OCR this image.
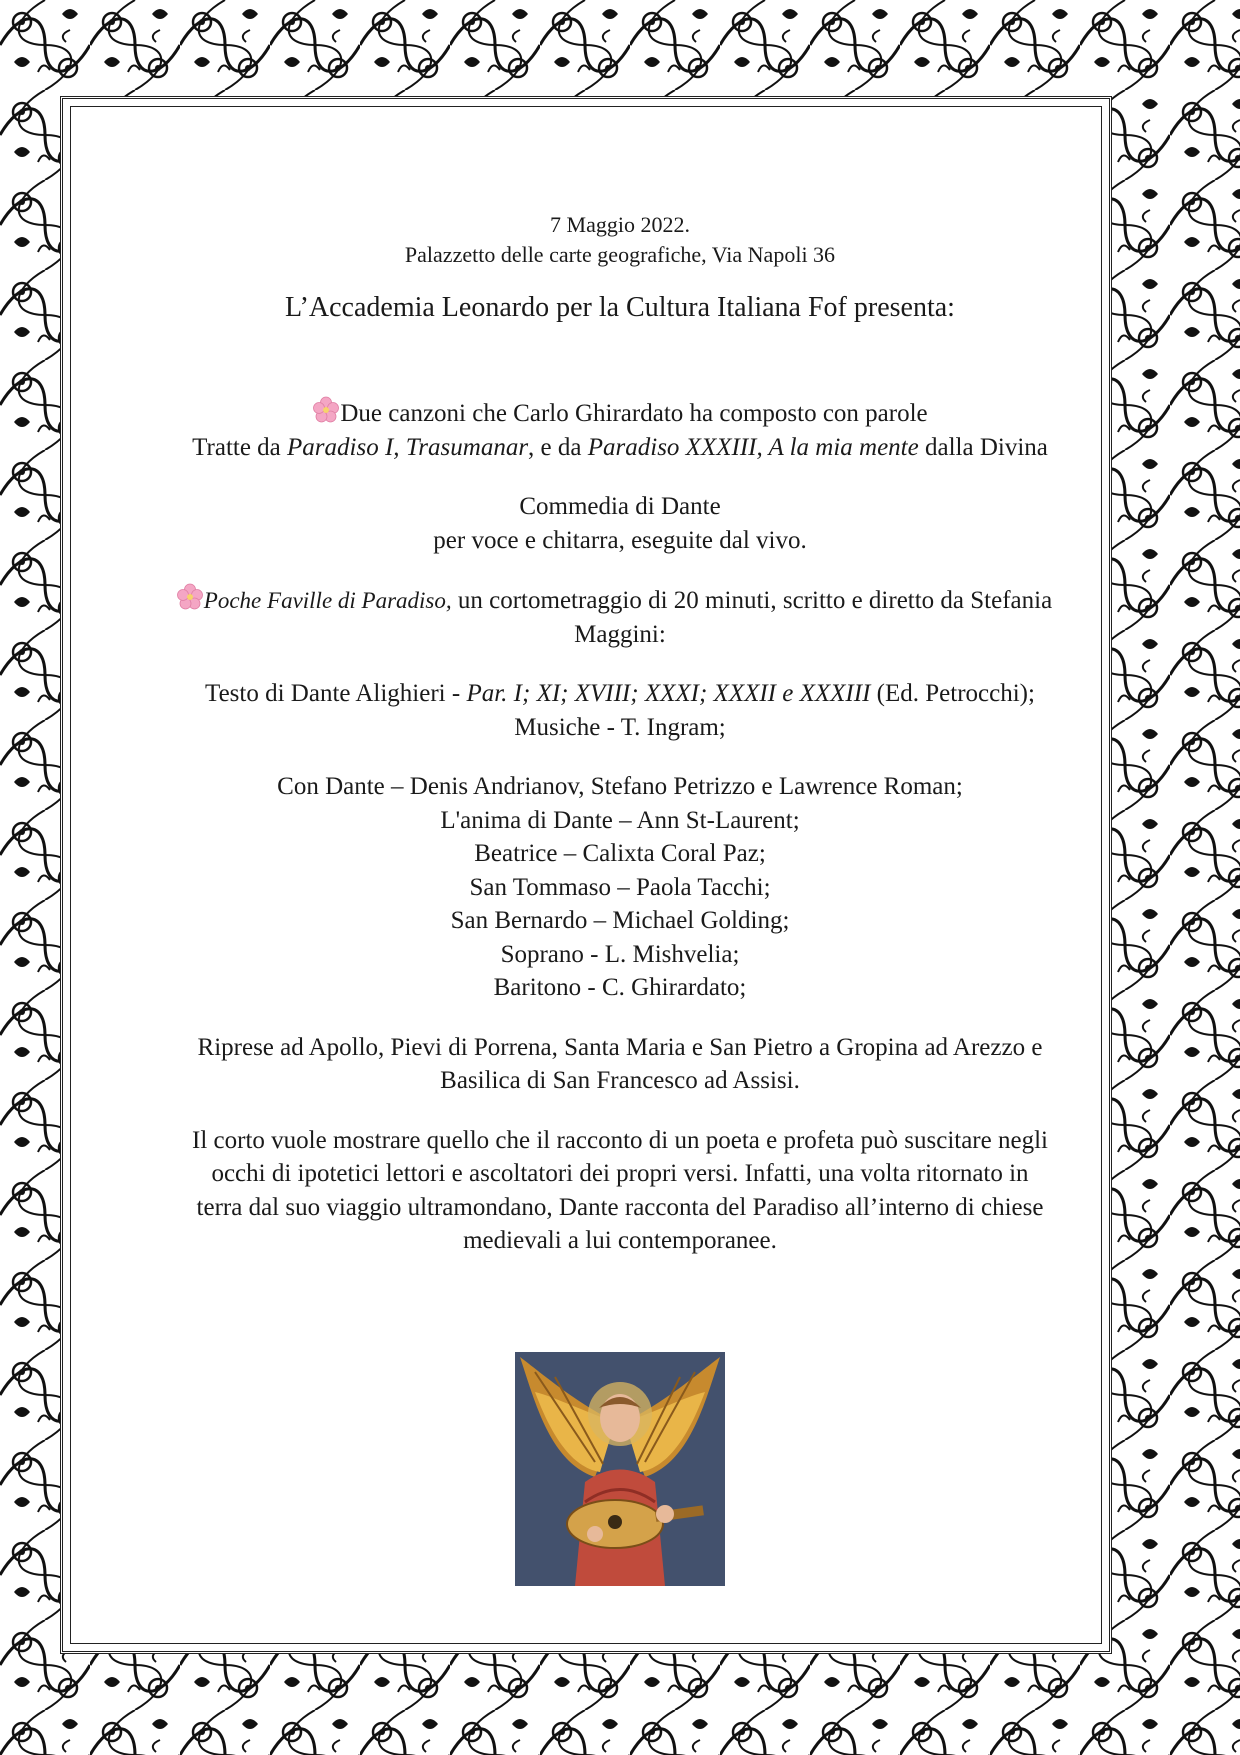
7 Maggio 2022.
Palazzetto delle carte geografiche, Via Napoli 36
L’Accademia Leonardo per la Cultura Italiana Fof presenta:
Due canzoni che Carlo Ghirardato ha composto con parole
Tratte da Paradiso I, Trasumanar, e da Paradiso XXXIII, A la mia mente dalla Divina
Commedia di Dante
per voce e chitarra, eseguite dal vivo.
Poche Faville di Paradiso, un cortometraggio di 20 minuti, scritto e diretto da Stefania
Maggini:
Testo di Dante Alighieri - Par. I; XI; XVIII; XXXI; XXXII e XXXIII (Ed. Petrocchi);
Musiche - T. Ingram;
Con Dante – Denis Andrianov, Stefano Petrizzo e Lawrence Roman;
L'anima di Dante – Ann St-Laurent;
Beatrice – Calixta Coral Paz;
San Tommaso – Paola Tacchi;
San Bernardo – Michael Golding;
Soprano - L. Mishvelia;
Baritono - C. Ghirardato;
Riprese ad Apollo, Pievi di Porrena, Santa Maria e San Pietro a Gropina ad Arezzo e
Basilica di San Francesco ad Assisi.
Il corto vuole mostrare quello che il racconto di un poeta e profeta può suscitare negli
occhi di ipotetici lettori e ascoltatori dei propri versi. Infatti, una volta ritornato in
terra dal suo viaggio ultramondano, Dante racconta del Paradiso all’interno di chiese
medievali a lui contemporanee.
